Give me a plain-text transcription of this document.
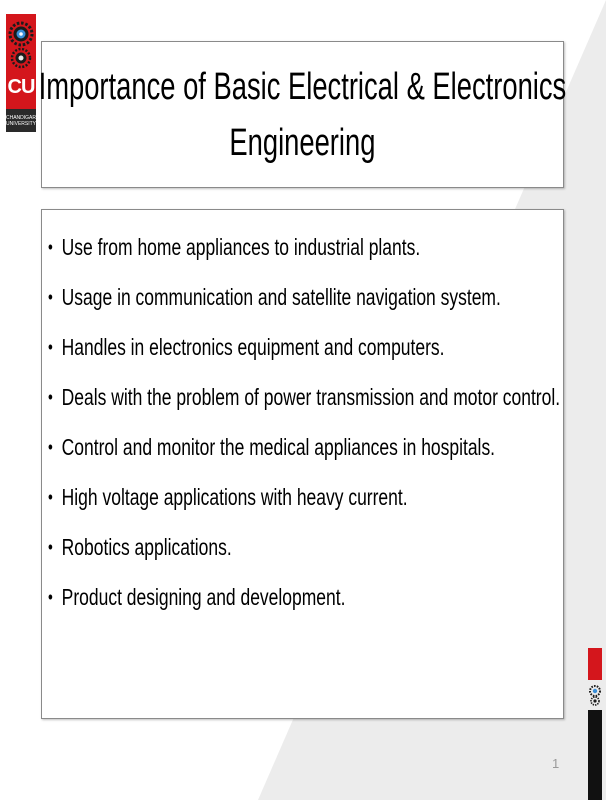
CU
CHANDIGARH UNIVERSITY
Importance of Basic Electrical & Electronics
Engineering
• Use from home appliances to industrial plants.
• Usage in communication and satellite navigation system.
• Handles in electronics equipment and computers.
• Deals with the problem of power transmission and motor control.
• Control and monitor the medical appliances in hospitals.
• High voltage applications with heavy current.
• Robotics applications.
• Product designing and development.
1
